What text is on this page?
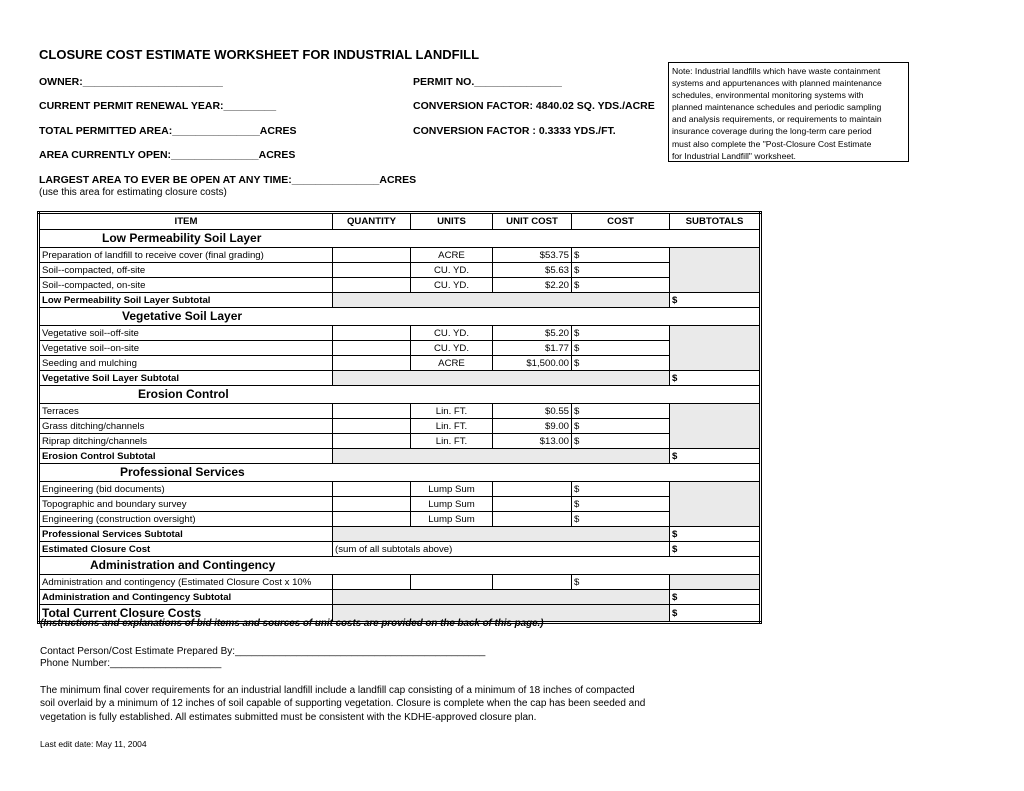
CLOSURE COST ESTIMATE WORKSHEET FOR INDUSTRIAL LANDFILL
OWNER:________________________
CURRENT PERMIT RENEWAL YEAR:_________
TOTAL PERMITTED AREA:_______________ACRES
AREA CURRENTLY OPEN:_______________ACRES
PERMIT NO._______________
CONVERSION FACTOR: 4840.02 SQ. YDS./ACRE
CONVERSION FACTOR : 0.3333 YDS./FT.
LARGEST AREA TO EVER BE OPEN AT ANY TIME:_______________ACRES
(use this area for estimating closure costs)
Note: Industrial landfills which have waste containment
systems and appurtenances with planned maintenance
schedules, environmental monitoring systems with
planned maintenance schedules and periodic sampling
and analysis requirements, or requirements to maintain
insurance coverage during the long-term care period
must also complete the "Post-Closure Cost Estimate
for Industrial Landfill" worksheet.
ITEM	QUANTITY	UNITS	UNIT COST	COST	SUBTOTALS
Low Permeability Soil Layer					
Preparation of landfill to receive cover (final grading)		ACRE	$53.75	$	
Soil--compacted, off-site		CU. YD.	$5.63	$	
Soil--compacted, on-site		CU. YD.	$2.20	$	
Low Permeability Soil Layer Subtotal					$
Vegetative Soil Layer					
Vegetative soil--off-site		CU. YD.	$5.20	$	
Vegetative soil--on-site		CU. YD.	$1.77	$	
Seeding and mulching		ACRE	$1,500.00	$	
Vegetative Soil Layer Subtotal					$
Erosion Control					
Terraces		Lin. FT.	$0.55	$	
Grass ditching/channels		Lin. FT.	$9.00	$	
Riprap ditching/channels		Lin. FT.	$13.00	$	
Erosion Control Subtotal					$
Professional Services					
Engineering (bid documents)		Lump Sum		$	
Topographic and boundary survey		Lump Sum		$	
Engineering (construction oversight)		Lump Sum		$	
Professional Services Subtotal					$
Estimated Closure Cost	(sum of all subtotals above)				$
Administration and Contingency					
Administration and contingency (Estimated Closure Cost x 10%				$	
Administration and Contingency Subtotal					$
Total Current Closure Costs					$
(Instructions and explanations of bid items and sources of unit costs are provided on the back of this page.)
Contact Person/Cost Estimate Prepared By:_____________________________________________
Phone Number:____________________
The minimum final cover requirements for an industrial landfill include a landfill cap consisting of a minimum of 18 inches of compacted
soil overlaid by a minimum of 12 inches of soil capable of supporting vegetation. Closure is complete when the cap has been seeded and
vegetation is fully established. All estimates submitted must be consistent with the KDHE-approved closure plan.
Last edit date: May 11, 2004
